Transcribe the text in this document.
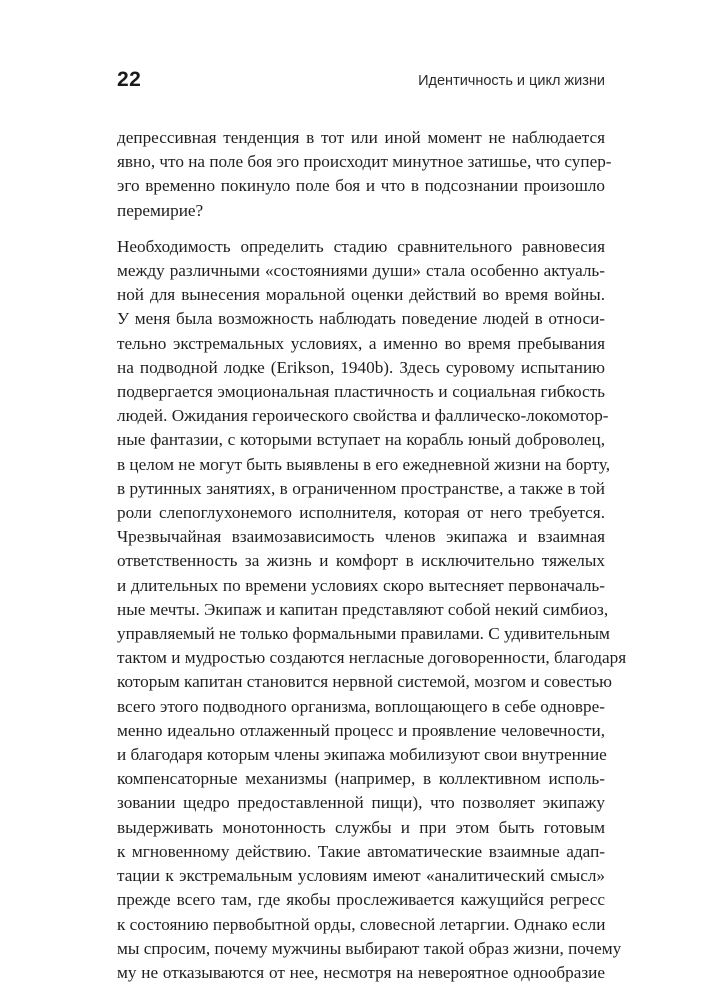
22	Идентичность и цикл жизни
депрессивная тенденция в тот или иной момент не наблюдается
явно, что на поле боя эго происходит минутное затишье, что супер-
эго временно покинуло поле боя и что в подсознании произошло
перемирие?
Необходимость определить стадию сравнительного равновесия
между различными «состояниями души» стала особенно актуаль-
ной для вынесения моральной оценки действий во время войны.
У меня была возможность наблюдать поведение людей в относи-
тельно экстремальных условиях, а именно во время пребывания
на подводной лодке (Erikson, 1940b). Здесь суровому испытанию
подвергается эмоциональная пластичность и социальная гибкость
людей. Ожидания героического свойства и фаллическо-локомотор-
ные фантазии, с которыми вступает на корабль юный доброволец,
в целом не могут быть выявлены в его ежедневной жизни на борту,
в рутинных занятиях, в ограниченном пространстве, а также в той
роли слепоглухонемого исполнителя, которая от него требуется.
Чрезвычайная взаимозависимость членов экипажа и взаимная
ответственность за жизнь и комфорт в исключительно тяжелых
и длительных по времени условиях скоро вытесняет первоначаль-
ные мечты. Экипаж и капитан представляют собой некий симбиоз,
управляемый не только формальными правилами. С удивительным
тактом и мудростью создаются негласные договоренности, благодаря
которым капитан становится нервной системой, мозгом и совестью
всего этого подводного организма, воплощающего в себе одновре-
менно идеально отлаженный процесс и проявление человечности,
и благодаря которым члены экипажа мобилизуют свои внутренние
компенсаторные механизмы (например, в коллективном исполь-
зовании щедро предоставленной пищи), что позволяет экипажу
выдерживать монотонность службы и при этом быть готовым
к мгновенному действию. Такие автоматические взаимные адап-
тации к экстремальным условиям имеют «аналитический смысл»
прежде всего там, где якобы прослеживается кажущийся регресс
к состоянию первобытной орды, словесной летаргии. Однако если
мы спросим, почему мужчины выбирают такой образ жизни, почему
му не отказываются от нее, несмотря на невероятное однообразие
